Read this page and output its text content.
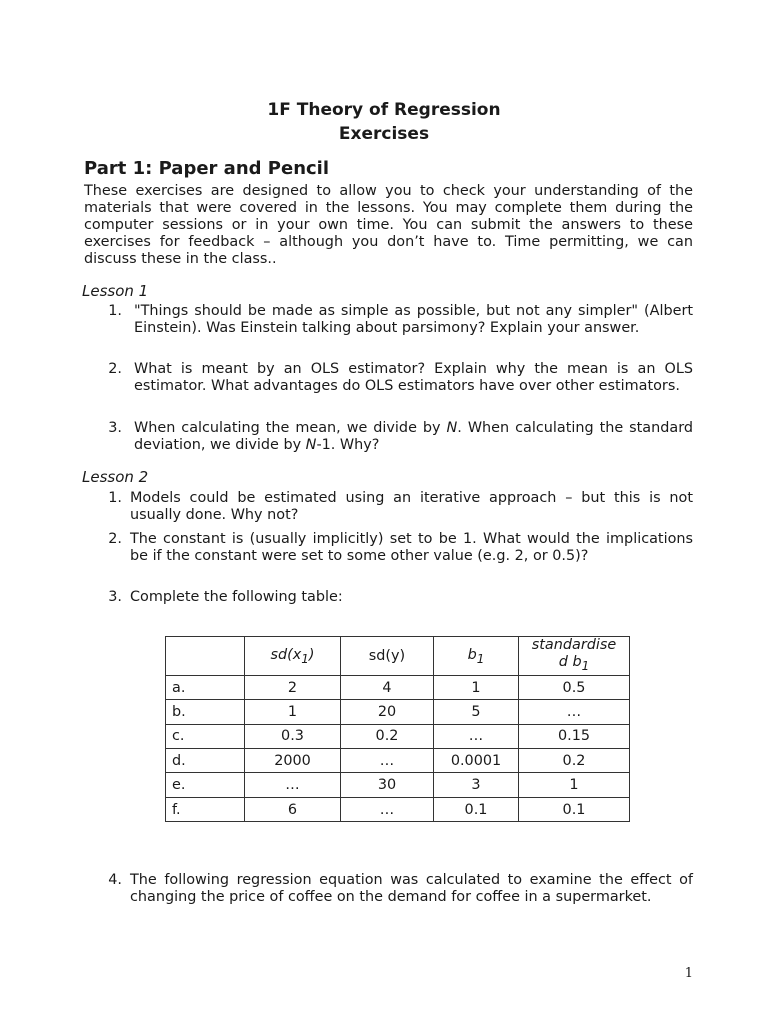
1F Theory of Regression
Exercises
Part 1: Paper and Pencil
These exercises are designed to allow you to check your understanding of the materials that were covered in the lessons. You may complete them during the computer sessions or in your own time. You can submit the answers to these exercises for feedback – although you don’t have to. Time permitting, we can discuss these in the class..
Lesson 1
1. "Things should be made as simple as possible, but not any simpler" (Albert Einstein). Was Einstein talking about parsimony? Explain your answer.
2. What is meant by an OLS estimator? Explain why the mean is an OLS estimator. What advantages do OLS estimators have over other estimators.
3. When calculating the mean, we divide by N. When calculating the standard deviation, we divide by N-1. Why?
Lesson 2
1. Models could be estimated using an iterative approach – but this is not usually done. Why not?
2. The constant is (usually implicitly) set to be 1. What would the implications be if the constant were set to some other value (e.g. 2, or 0.5)?
3. Complete the following table:
	$sd(x_1)$	sd(y)	$b_1$	standardise
d $b_1$
a.	2	4	1	0.5
b.	1	20	5	…
c.	0.3	0.2	…	0.15
d.	2000	…	0.0001	0.2
e.	…	30	3	1
f.	6	…	0.1	0.1
4. The following regression equation was calculated to examine the effect of changing the price of coffee on the demand for coffee in a supermarket.
1
